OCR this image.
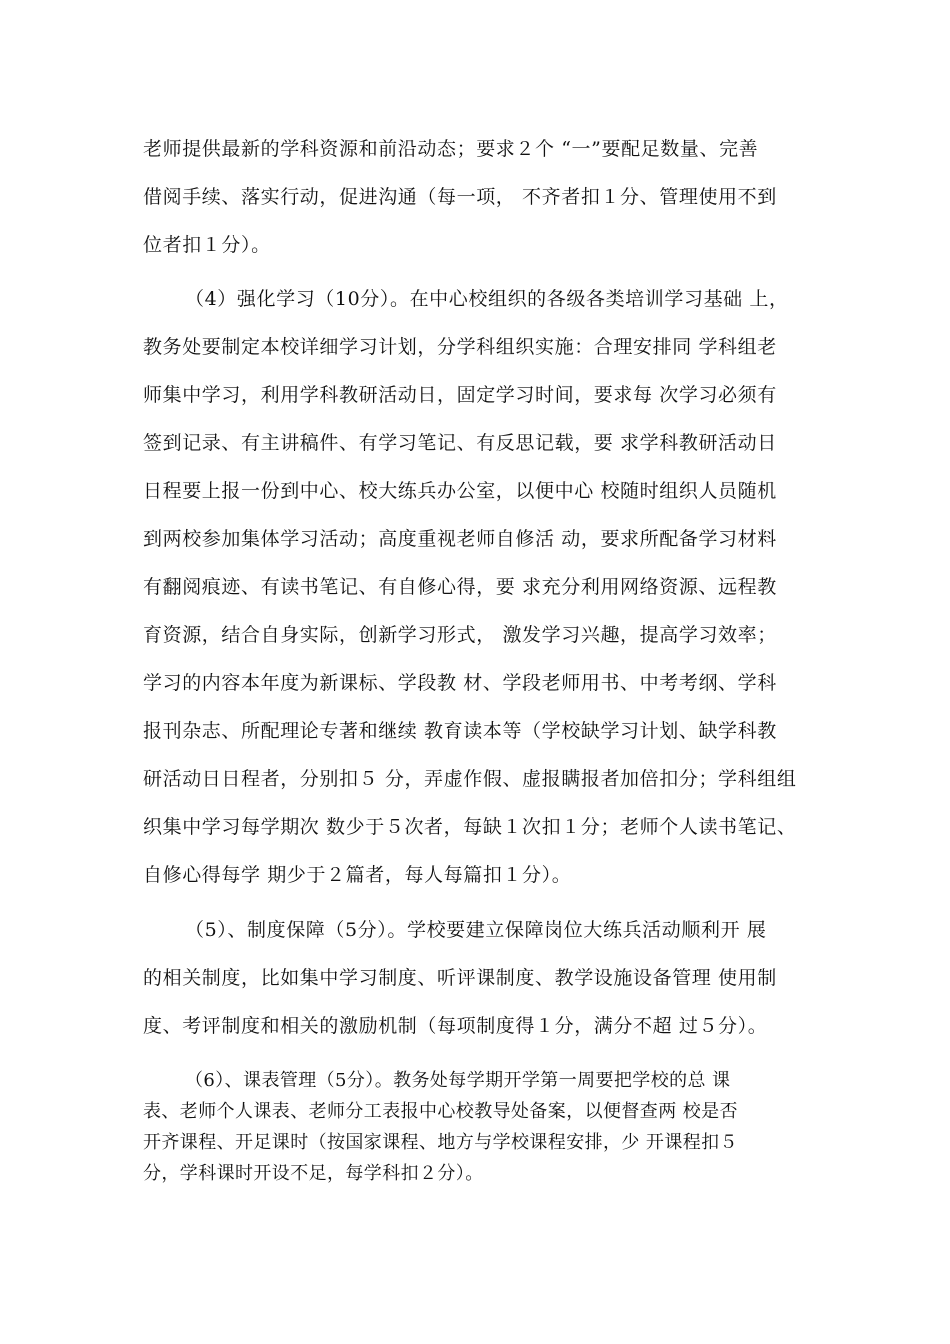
老师提供最新的学科资源和前沿动态；要求２个 “一”要配足数量、完善
借阅手续、落实行动，促进沟通（每一项， 不齐者扣１分、管理使用不到
位者扣１分）。
（4）强化学习（10分）。在中心校组织的各级各类培训学习基础 上，
教务处要制定本校详细学习计划，分学科组织实施：合理安排同 学科组老
师集中学习，利用学科教研活动日，固定学习时间，要求每 次学习必须有
签到记录、有主讲稿件、有学习笔记、有反思记载，要 求学科教研活动日
日程要上报一份到中心、校大练兵办公室，以便中心 校随时组织人员随机
到两校参加集体学习活动；高度重视老师自修活 动，要求所配备学习材料
有翻阅痕迹、有读书笔记、有自修心得，要 求充分利用网络资源、远程教
育资源，结合自身实际，创新学习形式， 激发学习兴趣，提高学习效率；
学习的内容本年度为新课标、学段教 材、学段老师用书、中考考纲、学科
报刊杂志、所配理论专著和继续 教育读本等（学校缺学习计划、缺学科教
研活动日日程者，分别扣５ 分，弄虚作假、虚报瞒报者加倍扣分；学科组组
织集中学习每学期次 数少于５次者，每缺１次扣１分；老师个人读书笔记、
自修心得每学 期少于２篇者，每人每篇扣１分）。
（5）、制度保障（5分）。学校要建立保障岗位大练兵活动顺利开 展
的相关制度，比如集中学习制度、听评课制度、教学设施设备管理 使用制
度、考评制度和相关的激励机制（每项制度得１分，满分不超 过５分）。
（6）、课表管理（5分）。教务处每学期开学第一周要把学校的总 课
表、老师个人课表、老师分工表报中心校教导处备案，以便督查两 校是否
开齐课程、开足课时（按国家课程、地方与学校课程安排，少 开课程扣５
分，学科课时开设不足，每学科扣２分）。
